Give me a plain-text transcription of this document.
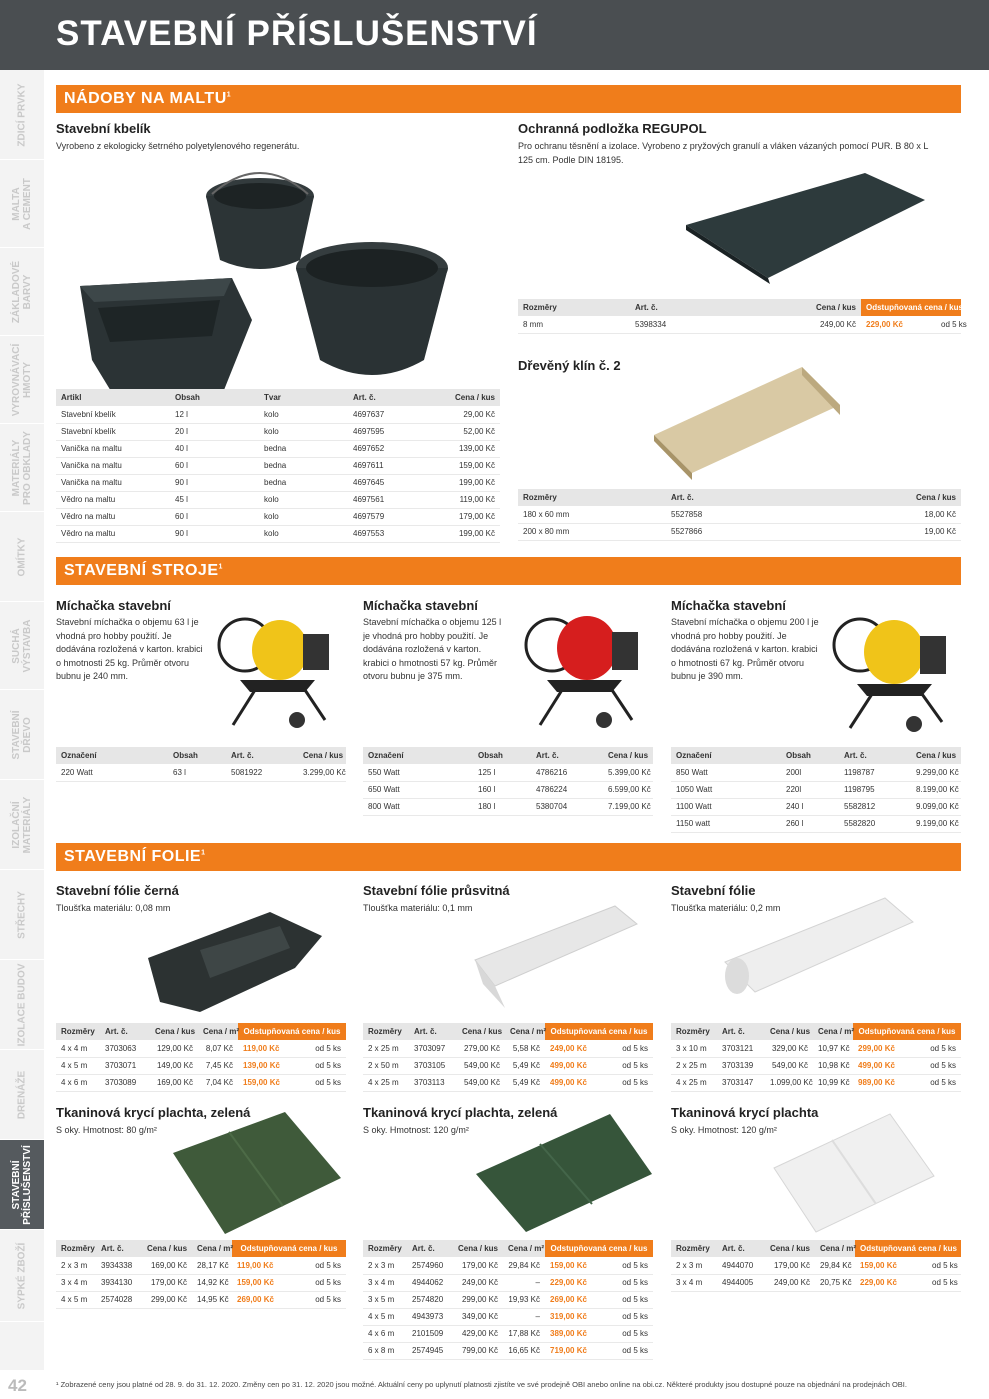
STAVEBNÍ PŘÍSLUŠENSTVÍ
ZDICÍ PRVKY
MALTA A CEMENT
ZÁKLADOVÉ BARVY
VYROVNÁVACÍ HMOTY
MATERIÁLY PRO OBKLADY
OMÍTKY
SUCHÁ VÝSTAVBA
STAVEBNÍ DŘEVO
IZOLAČNÍ MATERIÁLY
STŘECHY
IZOLACE BUDOV
DRENÁŽE
STAVEBNÍ PŘÍSLUŠENSTVÍ
SYPKÉ ZBOŽÍ
42
NÁDOBY NA MALTU$^1$
Stavební kbelík
Vyrobeno z ekologicky šetrného polyetylenového regenerátu.
Artikl	Obsah	Tvar	Art. č.	Cena / kus
Stavební kbelík	12 l	kolo	4697637	29,00 Kč
Stavební kbelík	20 l	kolo	4697595	52,00 Kč
Vanička na maltu	40 l	bedna	4697652	139,00 Kč
Vanička na maltu	60 l	bedna	4697611	159,00 Kč
Vanička na maltu	90 l	bedna	4697645	199,00 Kč
Vědro na maltu	45 l	kolo	4697561	119,00 Kč
Vědro na maltu	60 l	kolo	4697579	179,00 Kč
Vědro na maltu	90 l	kolo	4697553	199,00 Kč
Ochranná podložka REGUPOL
Pro ochranu těsnění a izolace. Vyrobeno z pryžových granulí a vláken vázaných pomocí PUR. B 80 x L 125 cm. Podle DIN 18195.
Rozměry	Art. č.	Cena / kus	Odstupňovaná cena / kus	
8 mm	5398334	249,00 Kč	229,00 Kč	od 5 ks
Dřevěný klín č. 2
Rozměry	Art. č.	Cena / kus
180 x 60 mm	5527858	18,00 Kč
200 x 80 mm	5527866	19,00 Kč
STAVEBNÍ STROJE$^1$
Míchačka stavební
Stavební míchačka o objemu 63 l je vhodná pro hobby použití. Je dodávána rozložená v karton. krabici o hmotnosti 25 kg. Průměr otvoru bubnu je 240 mm.
Označení	Obsah	Art. č.	Cena / kus
220 Watt	63 l	5081922	3.299,00 Kč
Míchačka stavební
Stavební míchačka o objemu 125 l je vhodná pro hobby použití. Je dodávána rozložená v karton. krabici o hmotnosti 57 kg. Průměr otvoru bubnu je 375 mm.
Označení	Obsah	Art. č.	Cena / kus
550 Watt	125 l	4786216	5.399,00 Kč
650 Watt	160 l	4786224	6.599,00 Kč
800 Watt	180 l	5380704	7.199,00 Kč
Míchačka stavební
Stavební míchačka o objemu 200 l je vhodná pro hobby použití. Je dodávána rozložená v karton. krabici o hmotnosti 67 kg. Průměr otvoru bubnu je 390 mm.
Označení	Obsah	Art. č.	Cena / kus
850 Watt	200l	1198787	9.299,00 Kč
1050 Watt	220l	1198795	8.199,00 Kč
1100 Watt	240 l	5582812	9.099,00 Kč
1150 watt	260 l	5582820	9.199,00 Kč
STAVEBNÍ FOLIE$^1$
Stavební fólie černá
Tloušťka materiálu: 0,08 mm
Rozměry	Art. č.	Cena / kus	Cena / m²	Odstupňovaná cena / kus	
4 x 4 m	3703063	129,00 Kč	8,07 Kč	119,00 Kč	od 5 ks
4 x 5 m	3703071	149,00 Kč	7,45 Kč	139,00 Kč	od 5 ks
4 x 6 m	3703089	169,00 Kč	7,04 Kč	159,00 Kč	od 5 ks
Stavební fólie průsvitná
Tloušťka materiálu: 0,1 mm
Rozměry	Art. č.	Cena / kus	Cena / m²	Odstupňovaná cena / kus	
2 x 25 m	3703097	279,00 Kč	5,58 Kč	249,00 Kč	od 5 ks
2 x 50 m	3703105	549,00 Kč	5,49 Kč	499,00 Kč	od 5 ks
4 x 25 m	3703113	549,00 Kč	5,49 Kč	499,00 Kč	od 5 ks
Stavební fólie
Tloušťka materiálu: 0,2 mm
Rozměry	Art. č.	Cena / kus	Cena / m²	Odstupňovaná cena / kus	
3 x 10 m	3703121	329,00 Kč	10,97 Kč	299,00 Kč	od 5 ks
2 x 25 m	3703139	549,00 Kč	10,98 Kč	499,00 Kč	od 5 ks
4 x 25 m	3703147	1.099,00 Kč	10,99 Kč	989,00 Kč	od 5 ks
Tkaninová krycí plachta, zelená
S oky. Hmotnost: 80 g/m²
Rozměry	Art. č.	Cena / kus	Cena / m²	Odstupňovaná cena / kus	
2 x 3 m	3934338	169,00 Kč	28,17 Kč	119,00 Kč	od 5 ks
3 x 4 m	3934130	179,00 Kč	14,92 Kč	159,00 Kč	od 5 ks
4 x 5 m	2574028	299,00 Kč	14,95 Kč	269,00 Kč	od 5 ks
Tkaninová krycí plachta, zelená
S oky. Hmotnost: 120 g/m²
Rozměry	Art. č.	Cena / kus	Cena / m²	Odstupňovaná cena / kus	
2 x 3 m	2574960	179,00 Kč	29,84 Kč	159,00 Kč	od 5 ks
3 x 4 m	4944062	249,00 Kč	–	229,00 Kč	od 5 ks
3 x 5 m	2574820	299,00 Kč	19,93 Kč	269,00 Kč	od 5 ks
4 x 5 m	4943973	349,00 Kč	–	319,00 Kč	od 5 ks
4 x 6 m	2101509	429,00 Kč	17,88 Kč	389,00 Kč	od 5 ks
6 x 8 m	2574945	799,00 Kč	16,65 Kč	719,00 Kč	od 5 ks
Tkaninová krycí plachta
S oky. Hmotnost: 120 g/m²
Rozměry	Art. č.	Cena / kus	Cena / m²	Odstupňovaná cena / kus	
2 x 3 m	4944070	179,00 Kč	29,84 Kč	159,00 Kč	od 5 ks
3 x 4 m	4944005	249,00 Kč	20,75 Kč	229,00 Kč	od 5 ks
¹ Zobrazené ceny jsou platné od 28. 9. do 31. 12. 2020. Změny cen po 31. 12. 2020 jsou možné. Aktuální ceny po uplynutí platnosti zjistíte ve své prodejně OBI anebo online na obi.cz. Některé produkty jsou dostupné pouze na objednání na prodejnách OBI.
